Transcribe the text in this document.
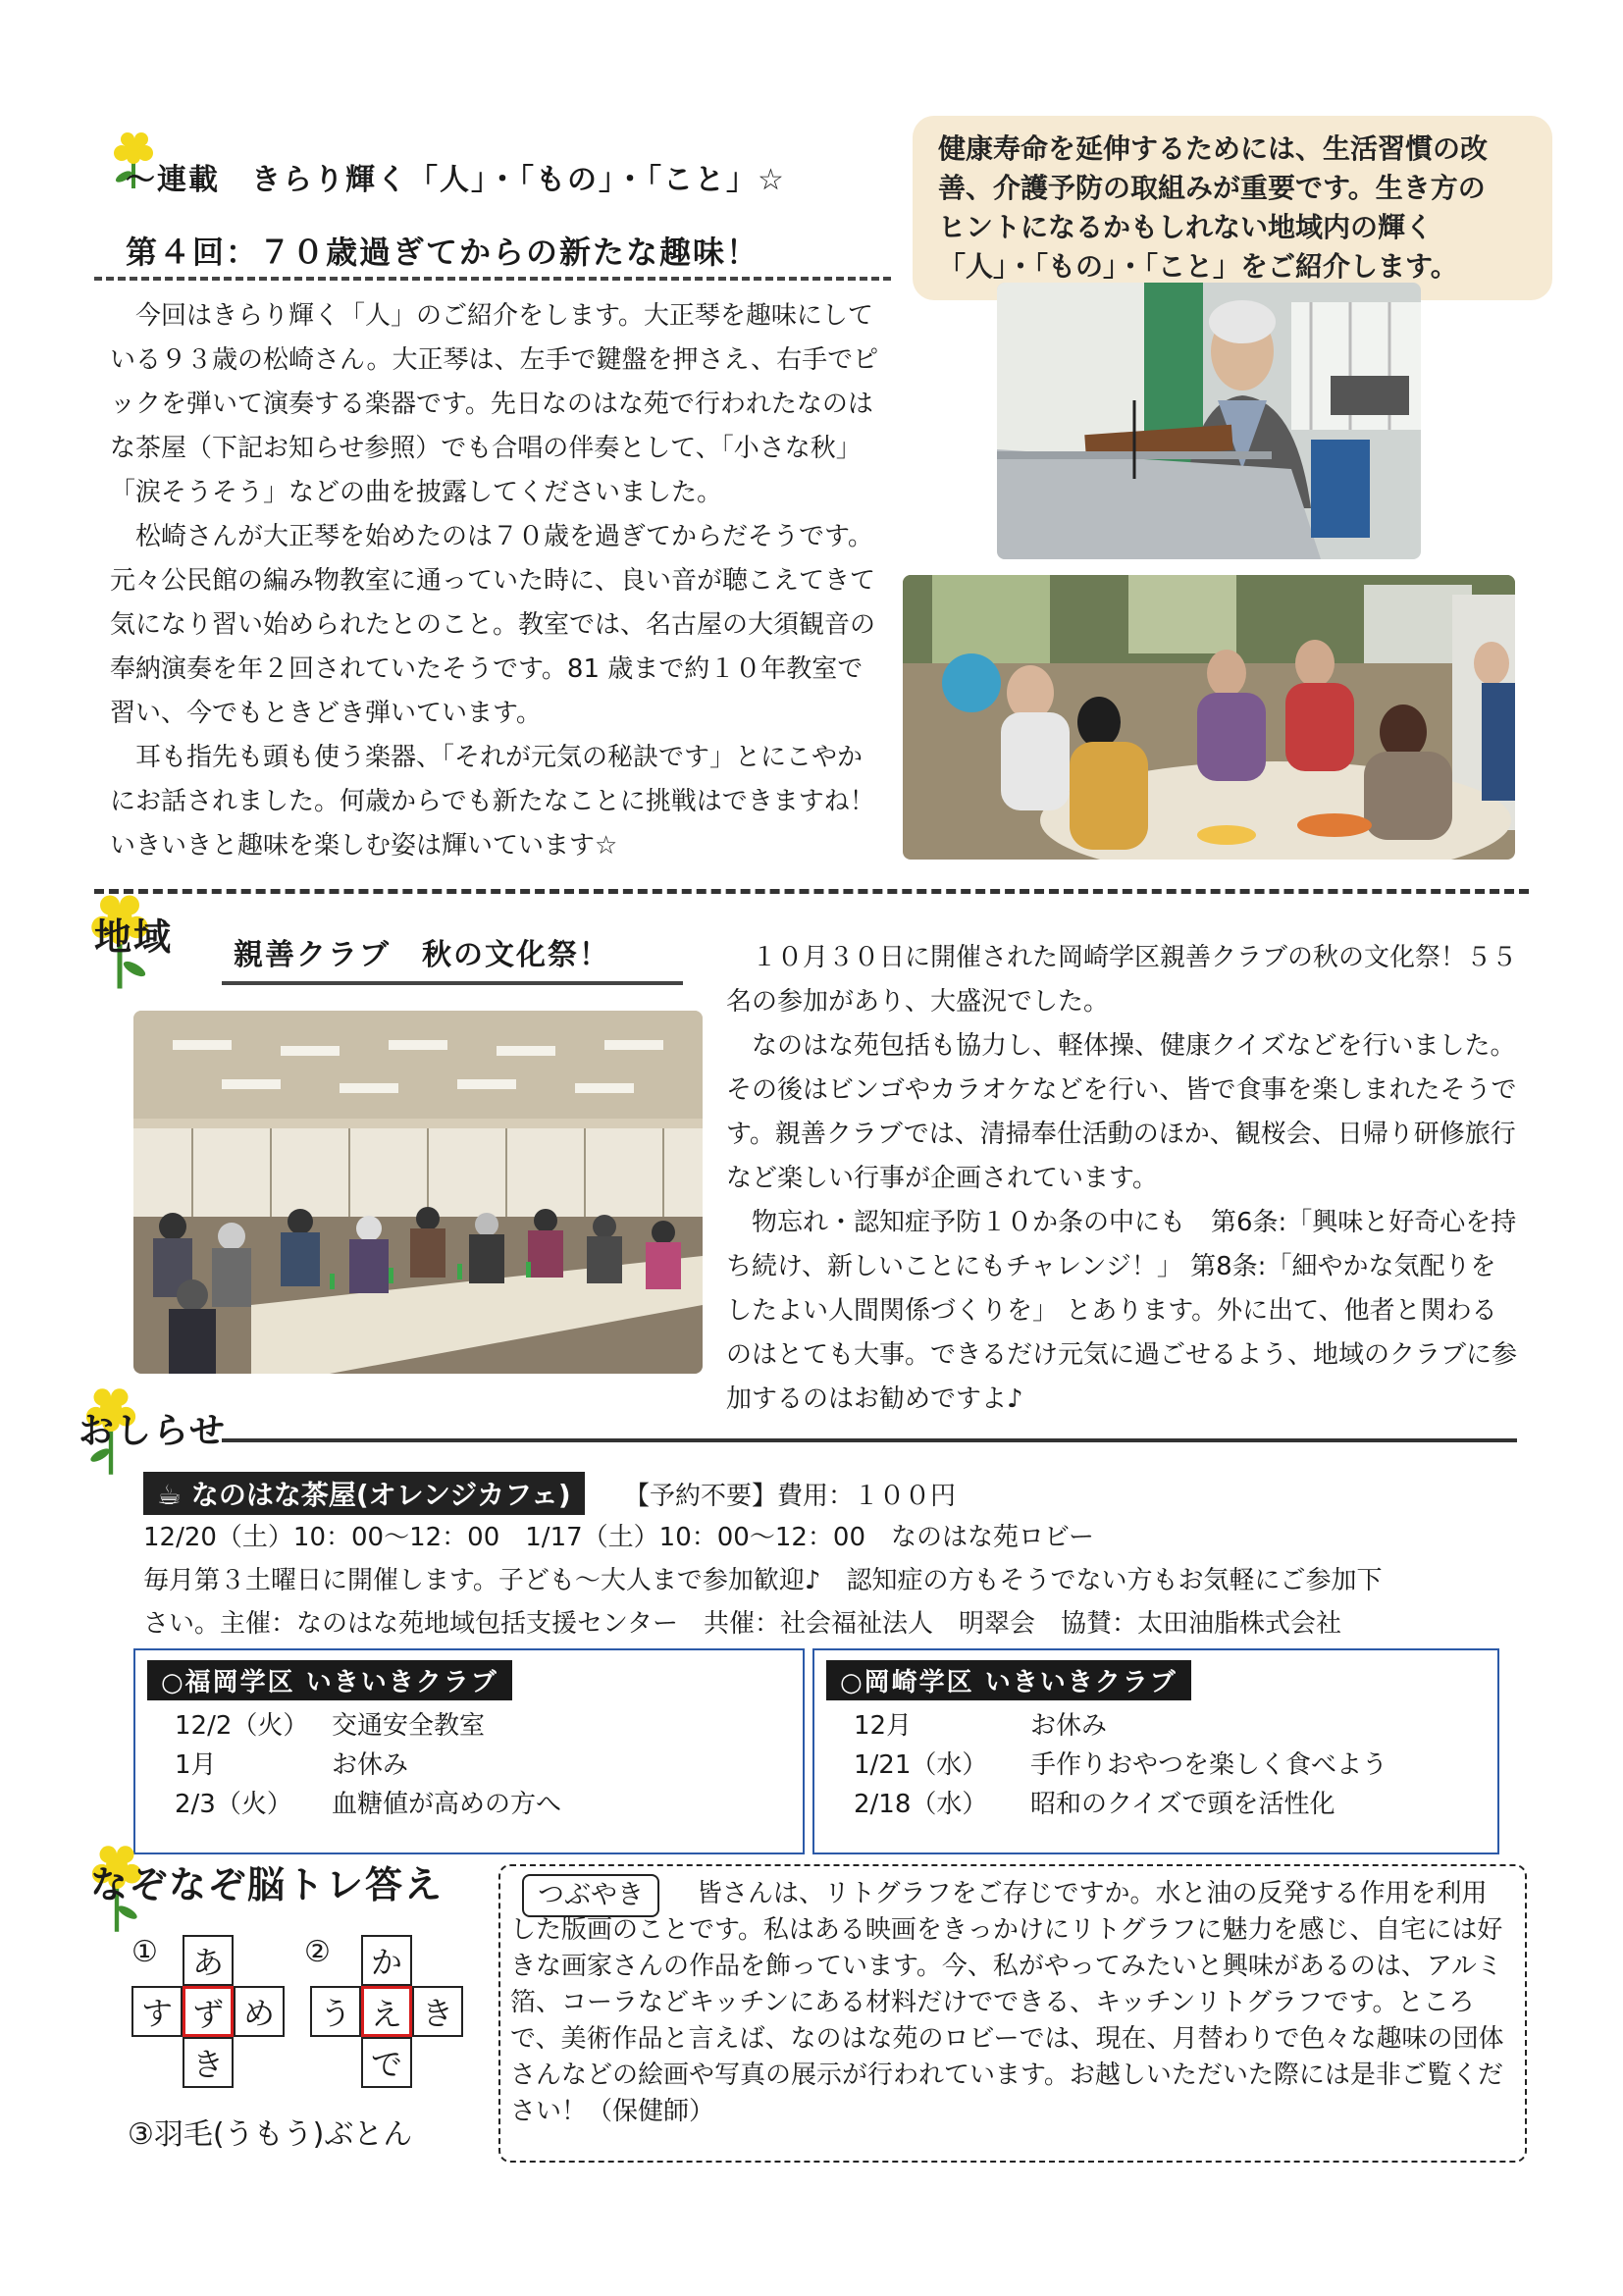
～連載　きらり輝く「人」・「もの」・「こと」☆
第４回：７０歳過ぎてからの新たな趣味！
健康寿命を延伸するためには、生活習慣の改
善、介護予防の取組みが重要です。生き方の
ヒントになるかもしれない地域内の輝く
「人」・「もの」・「こと」をご紹介します。

今回はきらり輝く「人」のご紹介をします。大正琴を趣味にしている９３歳の松崎さん。大正琴は、左手で鍵盤を押さえ、右手でピックを弾いて演奏する楽器です。先日なのはな苑で行われたなのはな茶屋（下記お知らせ参照）でも合唱の伴奏として、「小さな秋」「涙そうそう」などの曲を披露してくださいました。

松崎さんが大正琴を始めたのは７０歳を過ぎてからだそうです。元々公民館の編み物教室に通っていた時に、良い音が聴こえてきて気になり習い始められたとのこと。教室では、名古屋の大須観音の奉納演奏を年２回されていたそうです。81 歳まで約１０年教室で習い、今でもときどき弾いています。

耳も指先も頭も使う楽器、「それが元気の秘訣です」とにこやかにお話されました。何歳からでも新たなことに挑戦はできますね！いきいきと趣味を楽しむ姿は輝いています☆

地域 親善クラブ　秋の文化祭！	１０月３０日に開催された岡崎学区親善クラブの秋の文化祭！５５名の参加があり、大盛況でした。

なのはな苑包括も協力し、軽体操、健康クイズなどを行いました。その後はビンゴやカラオケなどを行い、皆で食事を楽しまれたそうです。親善クラブでは、清掃奉仕活動のほか、観桜会、日帰り研修旅行など楽しい行事が企画されています。

物忘れ・認知症予防１０か条の中にも　第6条:「興味と好奇心を持ち続け、新しいことにもチャレンジ！」 第8条:「細やかな気配りをしたよい人間関係づくりを」 とあります。外に出て、他者と関わるのはとても大事。できるだけ元気に過ごせるよう、地域のクラブに参加するのはお勧めですよ♪

おしらせ
☕ なのはな茶屋(オレンジカフェ)	【予約不要】費用：１００円
12/20（土）10：00～12：00　1/17（土）10：00～12：00　なのはな苑ロビー
毎月第３土曜日に開催します。子ども～大人まで参加歓迎♪　認知症の方もそうでない方もお気軽にご参加下
さい。主催：なのはな苑地域包括支援センター　共催：社会福祉法人　明翠会　協賛：太田油脂株式会社
○福岡学区 いきいきクラブ
12/2（火） 交通安全教室
1月	お休み
2/3（火）	血糖値が高めの方へ
○岡崎学区 いきいきクラブ
12月	お休み
1/21（水）	手作りおやつを楽しく食べよう
2/18（水）	昭和のクイズで頭を活性化
なぞなぞ脳トレ答え
①	あ
す ず め
き
②	か
う え き
で
③羽毛(うもう)ぶとん
つぶやき	皆さんは、リトグラフをご存じですか。水と油の反発する作用を利用した版画のことです。私はある映画をきっかけにリトグラフに魅力を感じ、自宅には好きな画家さんの作品を飾っています。今、私がやってみたいと興味があるのは、アルミ箔、コーラなどキッチンにある材料だけでできる、キッチンリトグラフです。ところで、美術作品と言えば、なのはな苑のロビーでは、現在、月替わりで色々な趣味の団体さんなどの絵画や写真の展示が行われています。お越しいただいた際には是非ご覧ください！（保健師）
